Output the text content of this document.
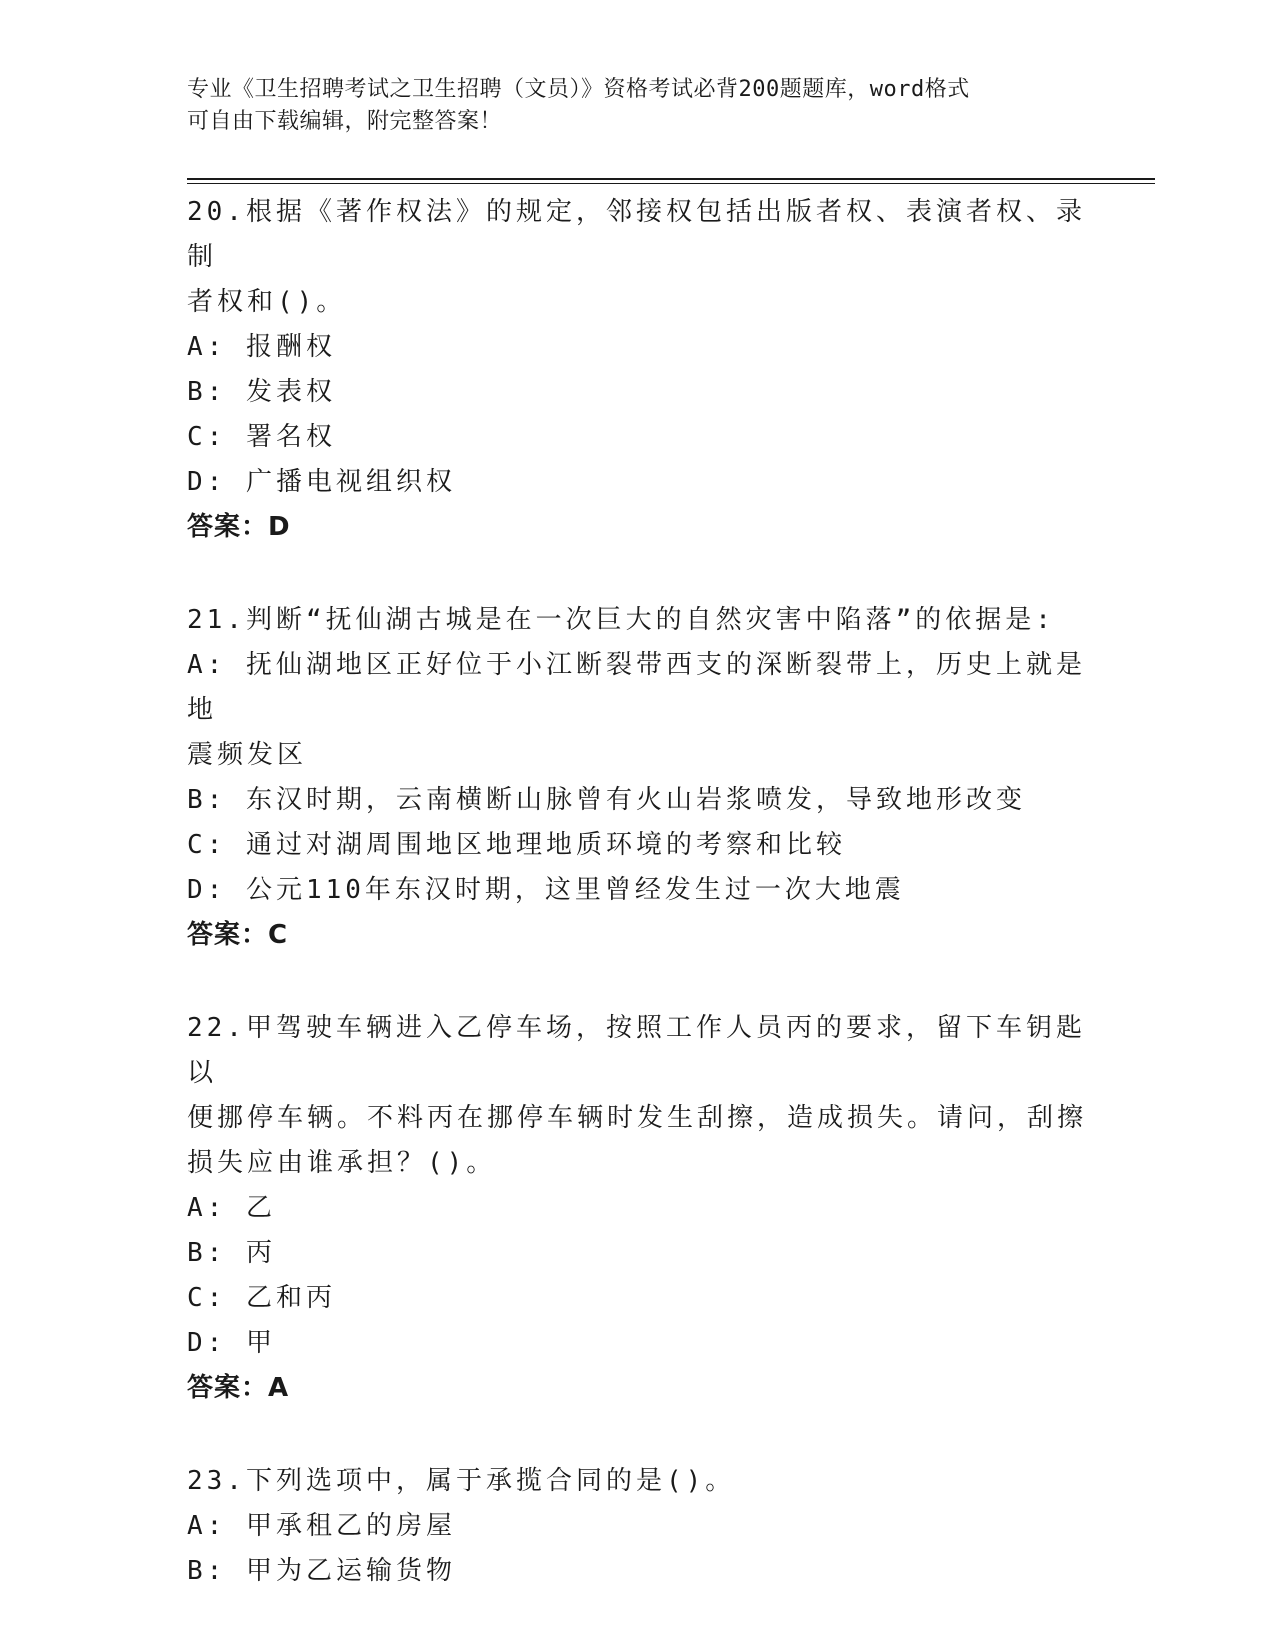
专业《卫生招聘考试之卫生招聘（文员）》资格考试必背200题题库，word格式
可自由下载编辑，附完整答案！
20.根据《著作权法》的规定，邻接权包括出版者权、表演者权、录制
者权和()。
A: 报酬权
B: 发表权
C: 署名权
D: 广播电视组织权
答案：D
21.判断“抚仙湖古城是在一次巨大的自然灾害中陷落”的依据是:
A: 抚仙湖地区正好位于小江断裂带西支的深断裂带上，历史上就是地
震频发区
B: 东汉时期，云南横断山脉曾有火山岩浆喷发，导致地形改变
C: 通过对湖周围地区地理地质环境的考察和比较
D: 公元110年东汉时期，这里曾经发生过一次大地震
答案：C
22.甲驾驶车辆进入乙停车场，按照工作人员丙的要求，留下车钥匙以
便挪停车辆。不料丙在挪停车辆时发生刮擦，造成损失。请问，刮擦
损失应由谁承担？()。
A: 乙
B: 丙
C: 乙和丙
D: 甲
答案：A
23.下列选项中，属于承揽合同的是()。
A: 甲承租乙的房屋
B: 甲为乙运输货物
